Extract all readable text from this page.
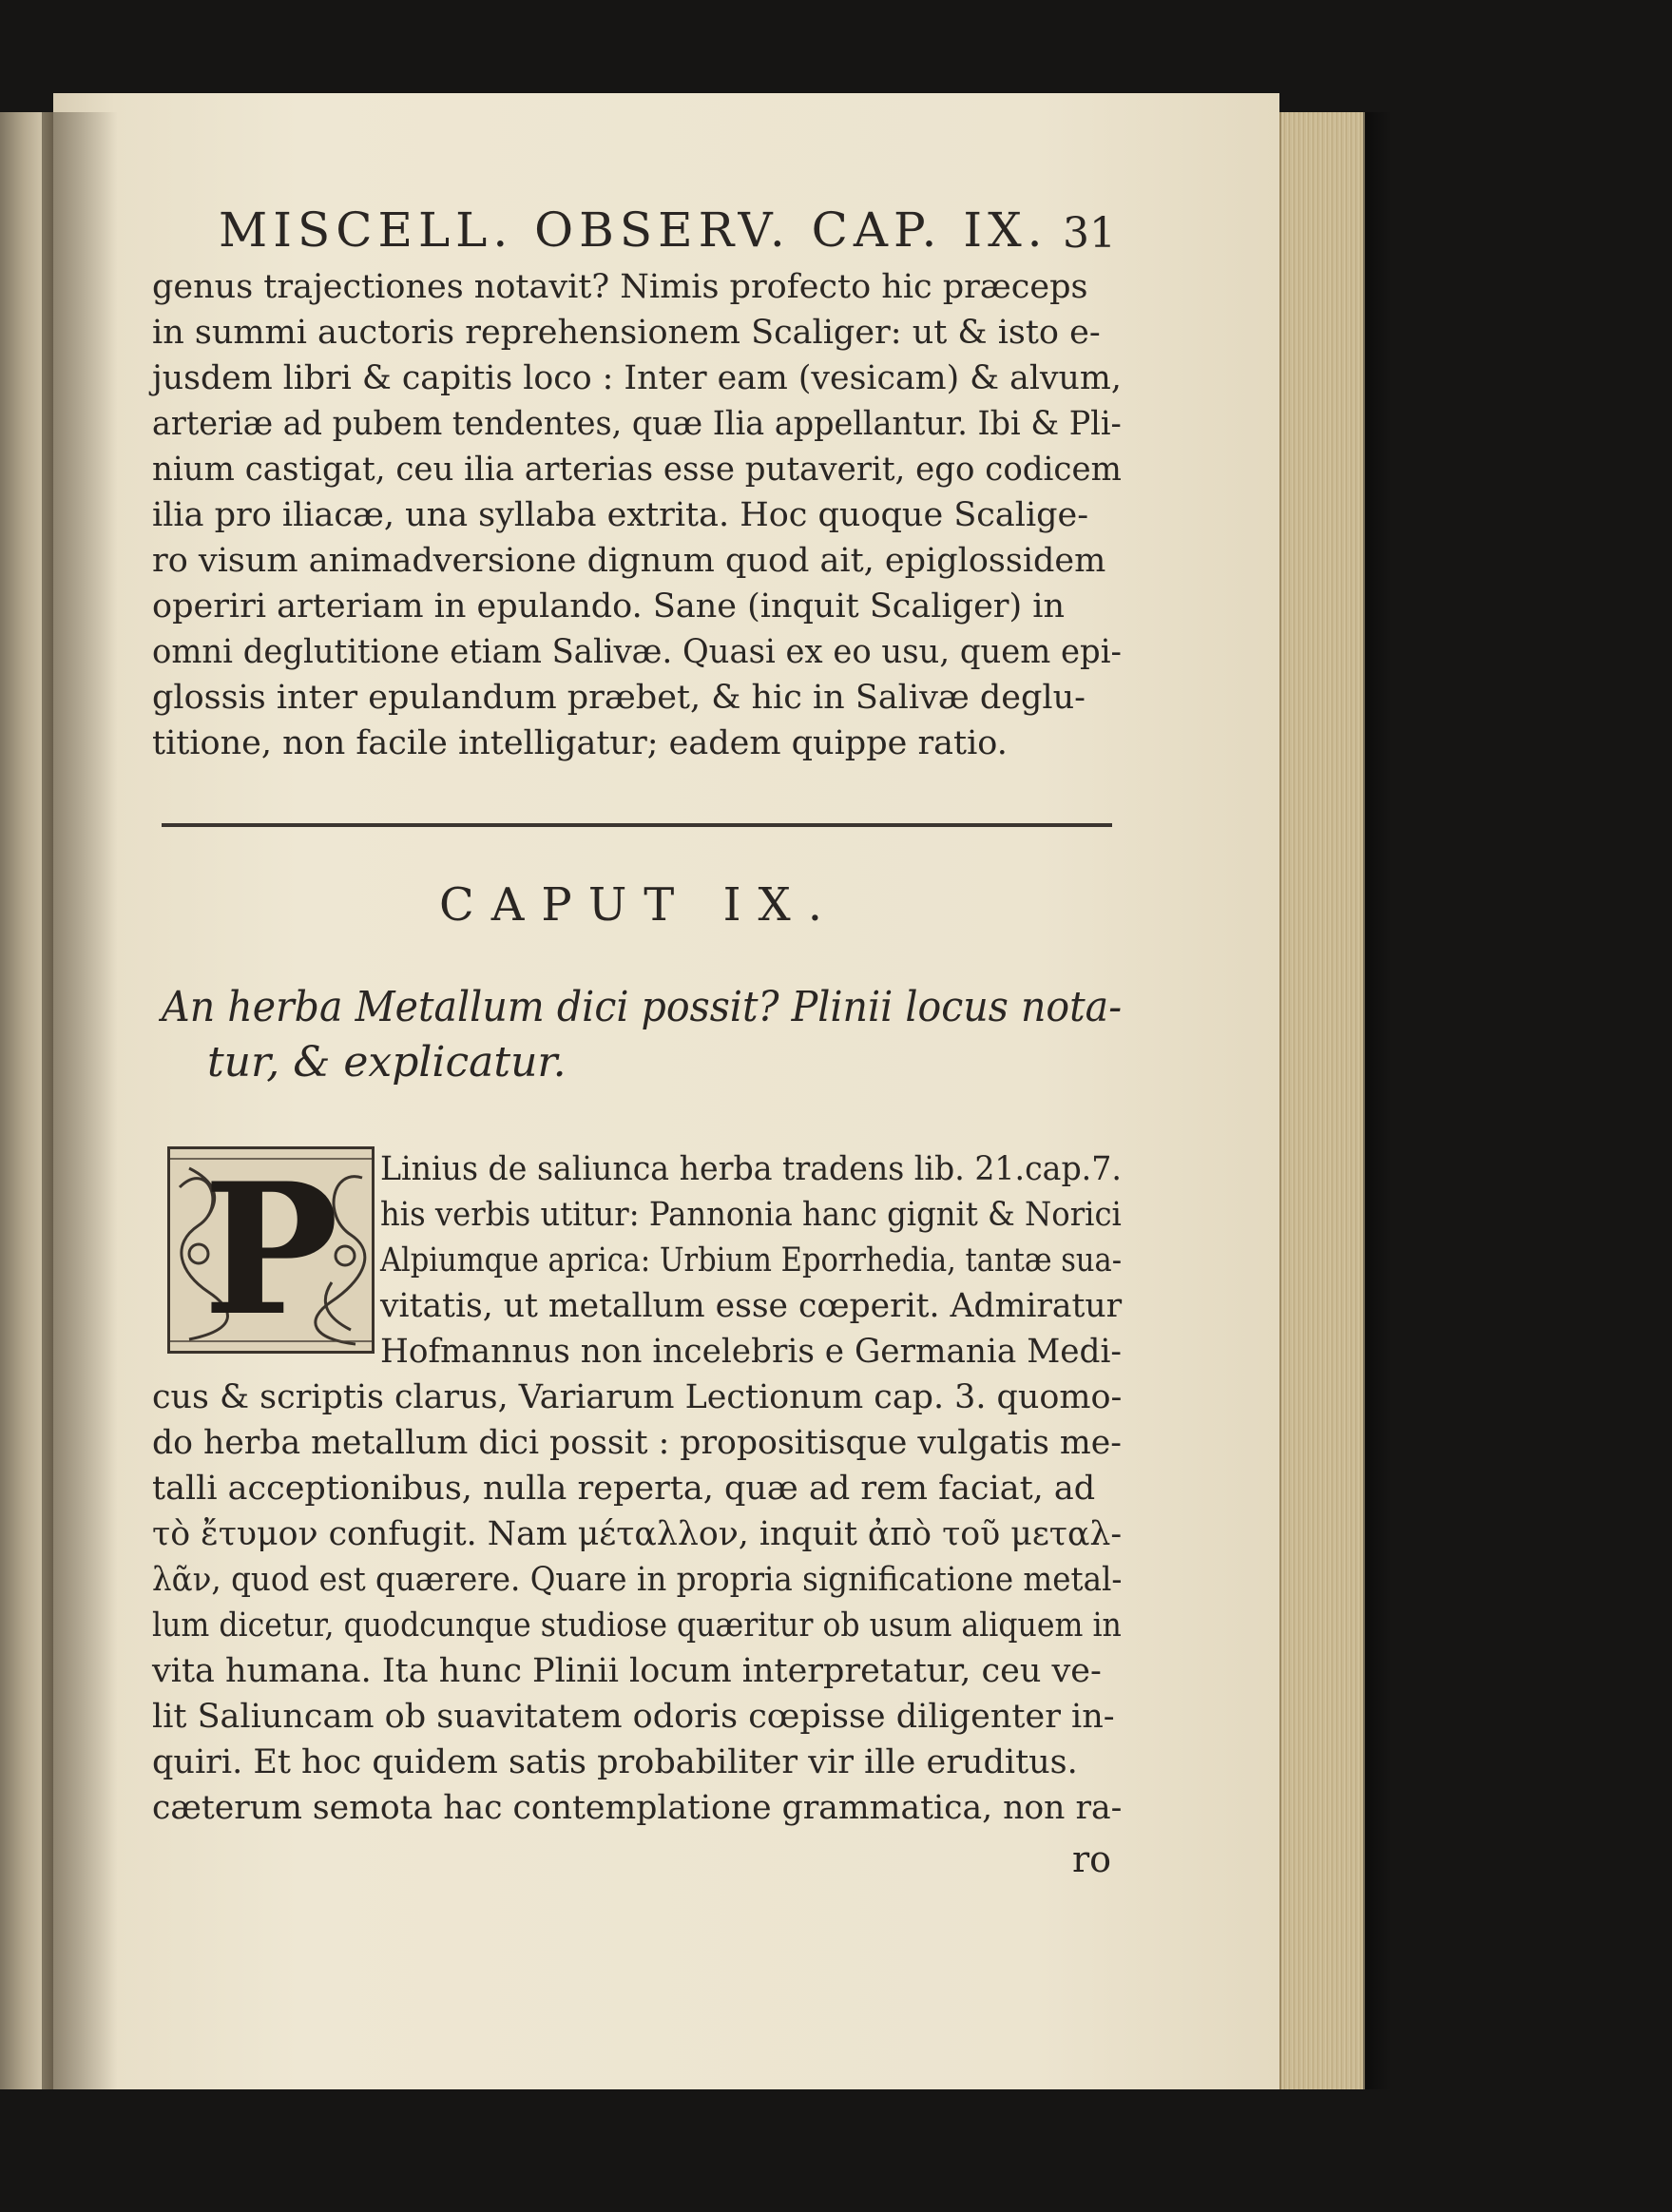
MISCELL. OBSERV. CAP. IX. 31
genus trajectiones notavit? Nimis profecto hic præceps
in summi auctoris reprehensionem Scaliger: ut & isto e-
jusdem libri & capitis loco : Inter eam (vesicam) & alvum,
arteriæ ad pubem tendentes, quæ Ilia appellantur. Ibi & Pli-
nium castigat, ceu ilia arterias esse putaverit, ego codicem
ilia pro iliacæ, una syllaba extrita. Hoc quoque Scalige-
ro visum animadversione dignum quod ait, epiglossidem
operiri arteriam in epulando. Sane (inquit Scaliger) in
omni deglutitione etiam Salivæ. Quasi ex eo usu, quem epi-
glossis inter epulandum præbet, & hic in Salivæ deglu-
titione, non facile intelligatur; eadem quippe ratio.
CAPUT IX.
An herba Metallum dici possit? Plinii locus nota-
tur, & explicatur.
P	Linius de saliunca herba tradens lib. 21.cap.7.
his verbis utitur: Pannonia hanc gignit & Norici
Alpiumque aprica: Urbium Eporrhedia, tantæ sua-
vitatis, ut metallum esse cœperit. Admiratur
Hofmannus non incelebris e Germania Medi-
cus & scriptis clarus, Variarum Lectionum cap. 3. quomo-
do herba metallum dici possit : propositisque vulgatis me-
talli acceptionibus, nulla reperta, quæ ad rem faciat, ad
τὸ ἔτυμον confugit. Nam μέταλλον, inquit ἀπὸ τοῦ μεταλ-
λᾶν, quod est quærere. Quare in propria significatione metal-
lum dicetur, quodcunque studiose quæritur ob usum aliquem in
vita humana. Ita hunc Plinii locum interpretatur, ceu ve-
lit Saliuncam ob suavitatem odoris cœpisse diligenter in-
quiri. Et hoc quidem satis probabiliter vir ille eruditus.
cæterum semota hac contemplatione grammatica, non ra-
ro
